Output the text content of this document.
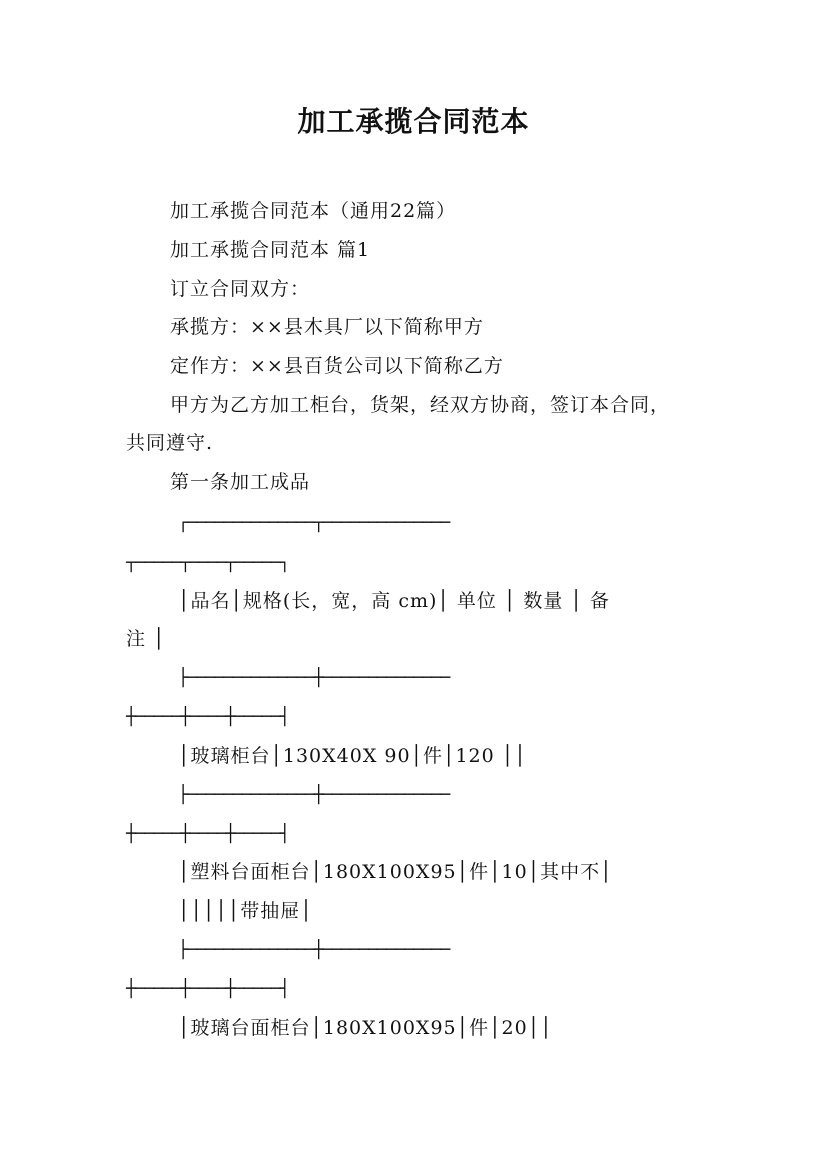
加工承揽合同范本
加工承揽合同范本（通用22篇）
加工承揽合同范本 篇1
订立合同双方：
承揽方：××县木具厂以下简称甲方
定作方：××县百货公司以下简称乙方
甲方为乙方加工柜台，货架，经双方协商，签订本合同，
共同遵守.
第一条加工成品
┌──────────────┬──────────────
┬─────┬────┬─────┐
│品名│规格(长，宽，高 cm)│ 单位 │ 数量 │ 备
注 │
├──────────────┼──────────────
┼─────┼────┼─────┤
│玻璃柜台│130X40X 90│件│120 ││
├──────────────┼──────────────
┼─────┼────┼─────┤
│塑料台面柜台│180X100X95│件│10│其中不│
│││││带抽屉│
├──────────────┼──────────────
┼─────┼────┼─────┤
│玻璃台面柜台│180X100X95│件│20││
